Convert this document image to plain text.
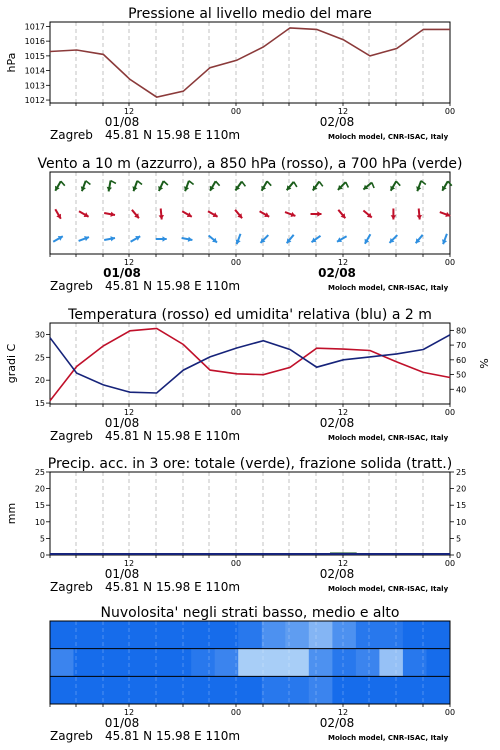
Pressione al livello medio del mare
1012
1013
1014
1015
1016
1017
hPa
12	00	12	00
01/08	02/08
Zagreb 45.81 N 15.98 E 110m	Moloch model, CNR-ISAC, Italy
Vento a 10 m (azzurro), a 850 hPa (rosso), a 700 hPa (verde)
12	00	12	00
01/08	02/08
Zagreb 45.81 N 15.98 E 110m	Moloch model, CNR-ISAC, Italy
Temperatura (rosso) ed umidita' relativa (blu) a 2 m
15
20
25
30
40
50
60
70
80
gradi C	%
12	00	12	00
01/08	02/08
Zagreb 45.81 N 15.98 E 110m	Moloch model, CNR-ISAC, Italy
Precip. acc. in 3 ore: totale (verde), frazione solida (tratt.)
0
5
10
15
20
25
0
5
10
15
20
25
mm
12	00	12	00
01/08	02/08
Zagreb 45.81 N 15.98 E 110m	Moloch model, CNR-ISAC, Italy
Nuvolosita' negli strati basso, medio e alto
12	00	12	00
01/08	02/08
Zagreb 45.81 N 15.98 E 110m	Moloch model, CNR-ISAC, Italy
